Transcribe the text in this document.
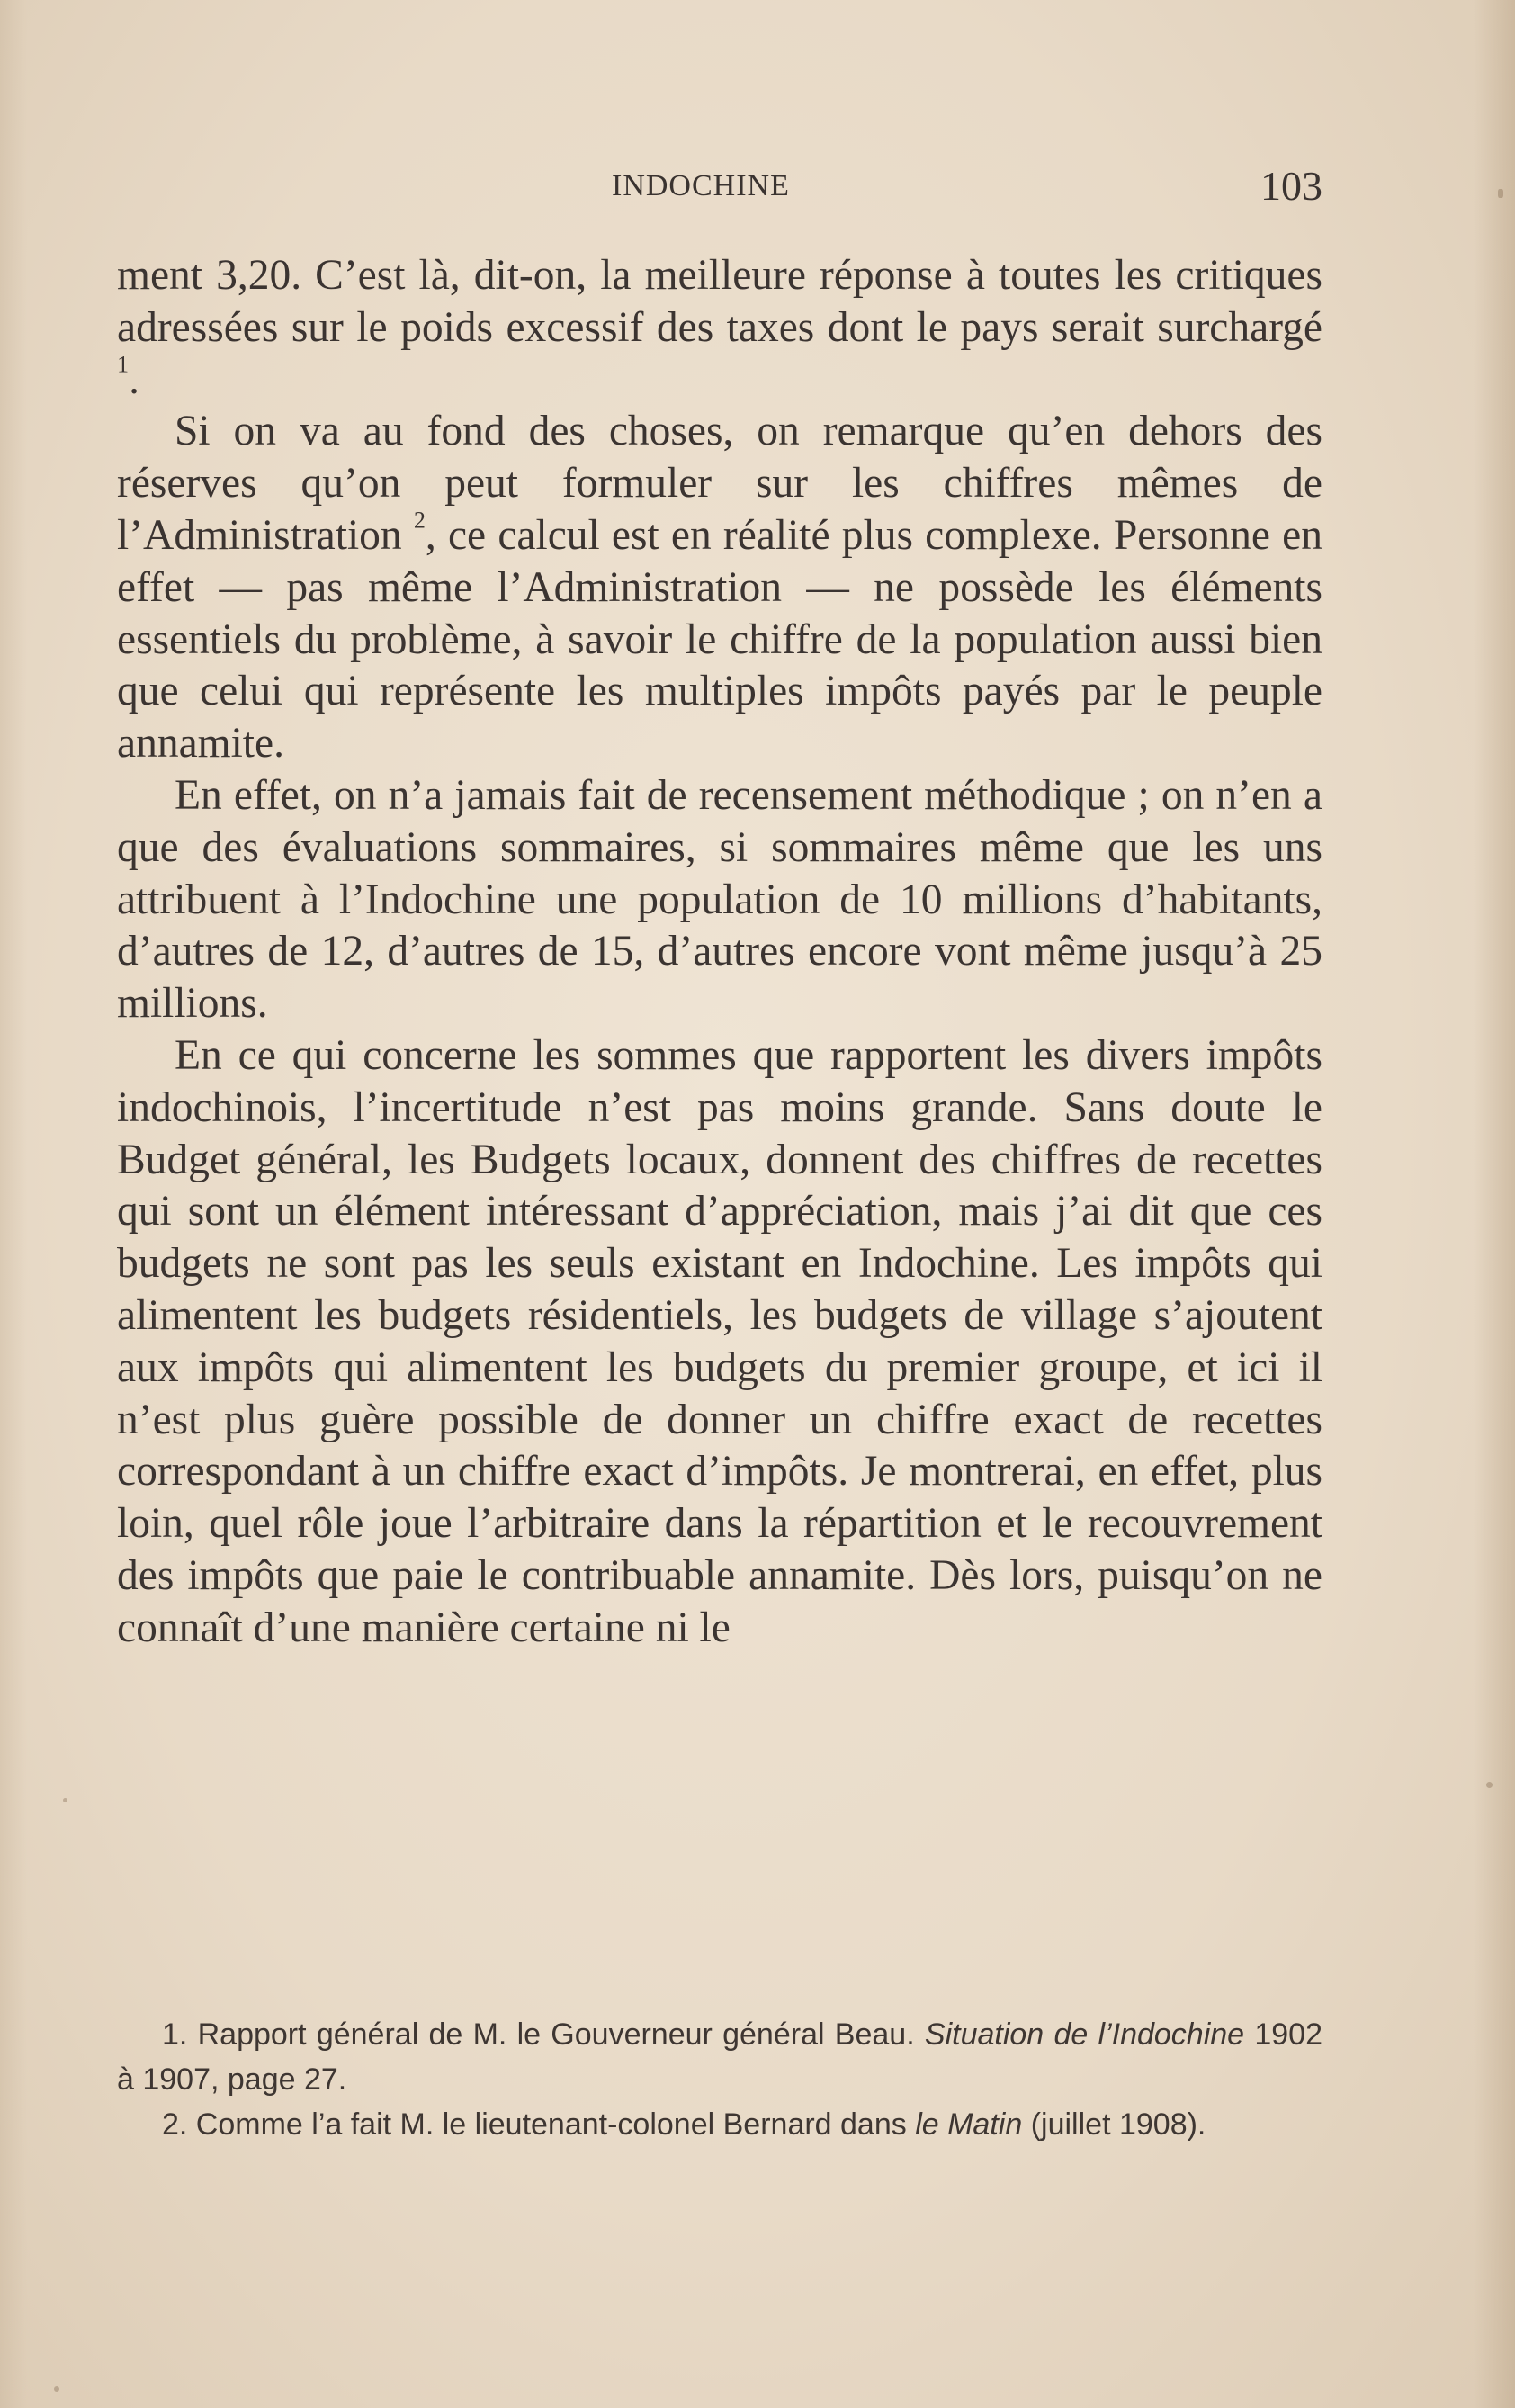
INDOCHINE	103

ment 3,20. C’est là, dit-on, la meilleure réponse à toutes les critiques adressées sur le poids excessif des taxes dont le pays serait surchargé $^1$.

Si on va au fond des choses, on remarque qu’en dehors des réserves qu’on peut formuler sur les chiffres mêmes de l’Administration $^2$, ce calcul est en réalité plus complexe. Personne en effet — pas même l’Administration — ne possède les éléments essentiels du problème, à savoir le chiffre de la population aussi bien que celui qui représente les multiples impôts payés par le peuple annamite.

En effet, on n’a jamais fait de recensement méthodique ; on n’en a que des évaluations sommaires, si sommaires même que les uns attribuent à l’Indochine une population de 10 millions d’habitants, d’autres de 12, d’autres de 15, d’autres encore vont même jusqu’à 25 millions.

En ce qui concerne les sommes que rapportent les divers impôts indochinois, l’incertitude n’est pas moins grande. Sans doute le Budget général, les Budgets locaux, donnent des chiffres de recettes qui sont un élément intéressant d’appréciation, mais j’ai dit que ces budgets ne sont pas les seuls existant en Indochine. Les impôts qui alimentent les budgets résidentiels, les budgets de village s’ajoutent aux impôts qui alimentent les budgets du premier groupe, et ici il n’est plus guère possible de donner un chiffre exact de recettes correspondant à un chiffre exact d’impôts. Je montrerai, en effet, plus loin, quel rôle joue l’arbitraire dans la répartition et le recouvrement des impôts que paie le contribuable annamite. Dès lors, puisqu’on ne connaît d’une manière certaine ni le

1. Rapport général de M. le Gouverneur général Beau. Situation de l’Indochine 1902 à 1907, page 27.

2. Comme l’a fait M. le lieutenant-colonel Bernard dans le Matin (juillet 1908).
